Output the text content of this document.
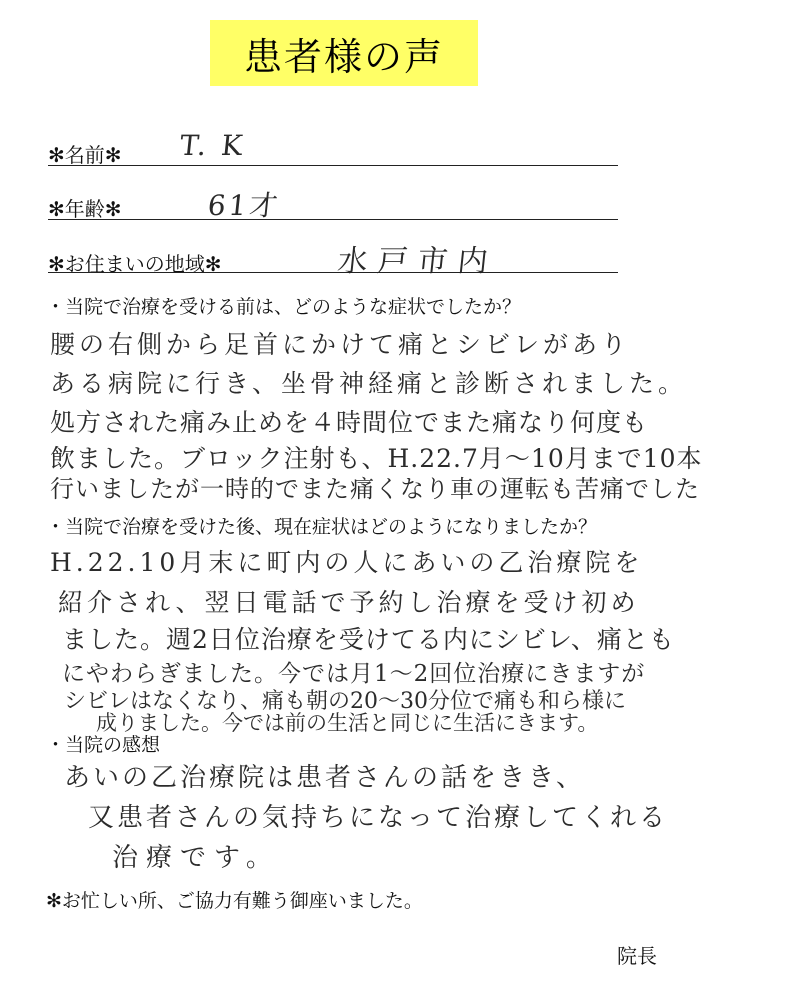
患者様の声
✻名前✻ T. K
✻年齢✻	61才
✻お住まいの地域✻	水戸市内
・当院で治療を受ける前は、どのような症状でしたか？
腰の右側から足首にかけて痛とシビレがあり
ある病院に行き、坐骨神経痛と診断されました。
処方された痛み止めを４時間位でまた痛なり何度も
飲ました。ブロック注射も、H.22.7月〜10月まで10本
行いましたが一時的でまた痛くなり車の運転も苦痛でした
・当院で治療を受けた後、現在症状はどのようになりましたか？
H.22.10月末に町内の人にあいの乙治療院を
紹介され、翌日電話で予約し治療を受け初め
ました。週2日位治療を受けてる内にシビレ、痛とも
にやわらぎました。今では月1〜2回位治療にきますが
シビレはなくなり、痛も朝の20〜30分位で痛も和ら様に
成りました。今では前の生活と同じに生活にきます。
・当院の感想
あいの乙治療院は患者さんの話をきき、
又患者さんの気持ちになって治療してくれる
治療です。
✻お忙しい所、ご協力有難う御座いました。
院長
